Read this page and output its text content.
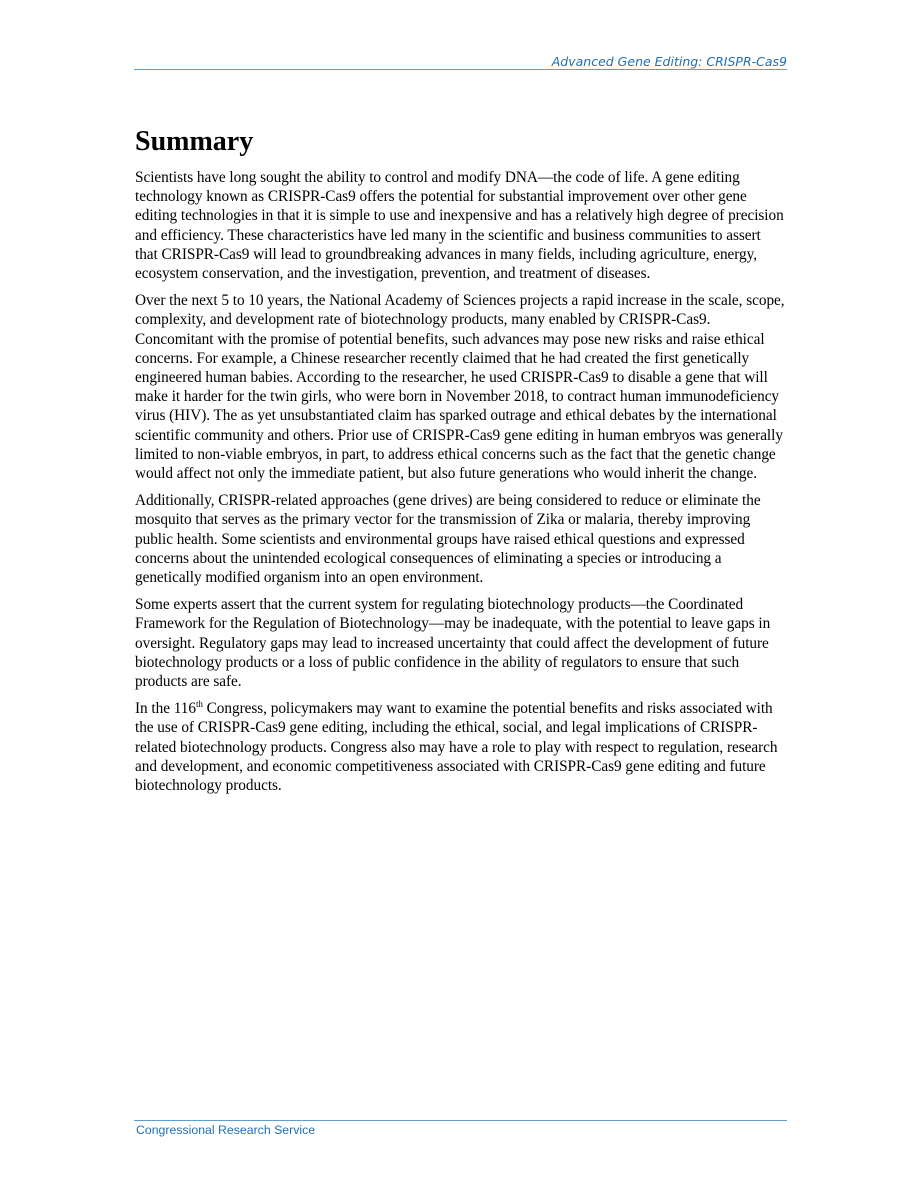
Advanced Gene Editing: CRISPR-Cas9
Summary

Scientists have long sought the ability to control and modify DNA—the code of life. A gene editing technology known as CRISPR-Cas9 offers the potential for substantial improvement over other gene editing technologies in that it is simple to use and inexpensive and has a relatively high degree of precision and efficiency. These characteristics have led many in the scientific and business communities to assert that CRISPR-Cas9 will lead to groundbreaking advances in many fields, including agriculture, energy, ecosystem conservation, and the investigation, prevention, and treatment of diseases.

Over the next 5 to 10 years, the National Academy of Sciences projects a rapid increase in the scale, scope, complexity, and development rate of biotechnology products, many enabled by CRISPR-Cas9. Concomitant with the promise of potential benefits, such advances may pose new risks and raise ethical concerns. For example, a Chinese researcher recently claimed that he had created the first genetically engineered human babies. According to the researcher, he used CRISPR-Cas9 to disable a gene that will make it harder for the twin girls, who were born in November 2018, to contract human immunodeficiency virus (HIV). The as yet unsubstantiated claim has sparked outrage and ethical debates by the international scientific community and others. Prior use of CRISPR-Cas9 gene editing in human embryos was generally limited to non-viable embryos, in part, to address ethical concerns such as the fact that the genetic change would affect not only the immediate patient, but also future generations who would inherit the change.

Additionally, CRISPR-related approaches (gene drives) are being considered to reduce or eliminate the mosquito that serves as the primary vector for the transmission of Zika or malaria, thereby improving public health. Some scientists and environmental groups have raised ethical questions and expressed concerns about the unintended ecological consequences of eliminating a species or introducing a genetically modified organism into an open environment.

Some experts assert that the current system for regulating biotechnology products—the Coordinated Framework for the Regulation of Biotechnology—may be inadequate, with the potential to leave gaps in oversight. Regulatory gaps may lead to increased uncertainty that could affect the development of future biotechnology products or a loss of public confidence in the ability of regulators to ensure that such products are safe.

In the 116th Congress, policymakers may want to examine the potential benefits and risks associated with the use of CRISPR-Cas9 gene editing, including the ethical, social, and legal implications of CRISPR-related biotechnology products. Congress also may have a role to play with respect to regulation, research and development, and economic competitiveness associated with CRISPR-Cas9 gene editing and future biotechnology products.

Congressional Research Service
